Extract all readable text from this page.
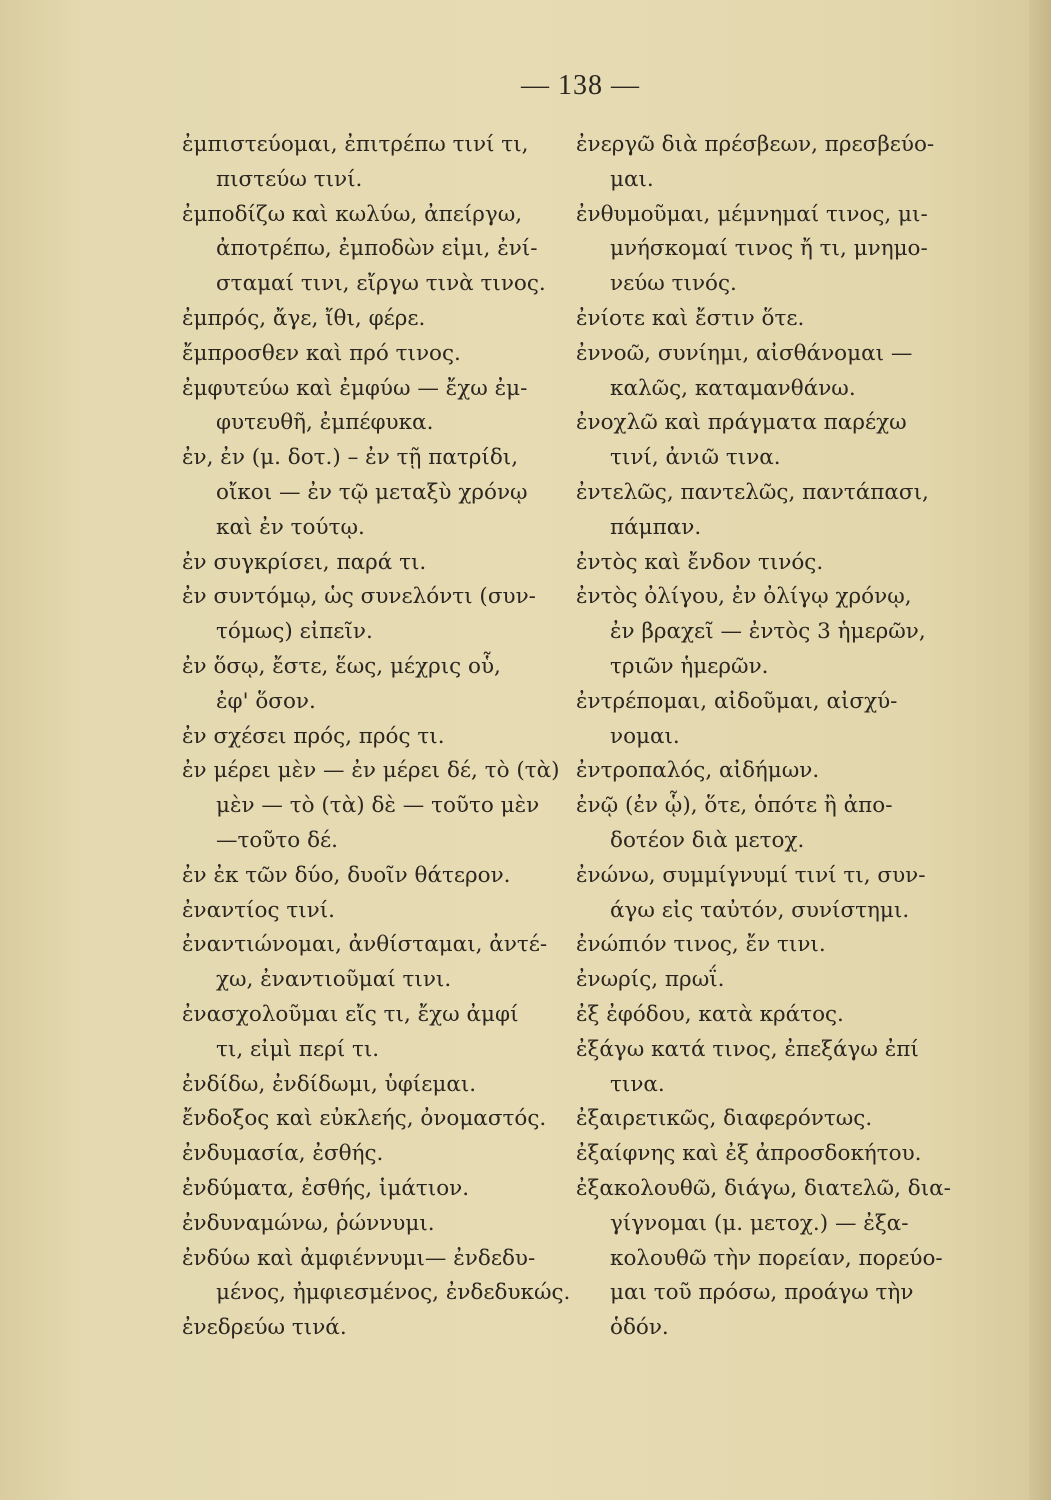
— 138 —
ἐμπιστεύομαι, ἐπιτρέπω τινί τι,
πιστεύω τινί.
ἐμποδίζω καὶ κωλύω, ἀπείργω,
ἀποτρέπω, ἐμποδὼν εἰμι, ἐνί-
σταμαί τινι, εἴργω τινὰ τινος.
ἐμπρός, ἄγε, ἴθι, φέρε.
ἔμπροσθεν καὶ πρό τινος.
ἐμφυτεύω καὶ ἐμφύω — ἔχω ἐμ-
φυτευθῆ, ἐμπέφυκα.
ἐν, ἐν (μ. δοτ.) – ἐν τῇ πατρίδι,
οἴκοι — ἐν τῷ μεταξὺ χρόνῳ
καὶ ἐν τούτῳ.
ἐν συγκρίσει, παρά τι.
ἐν συντόμῳ, ὡς συνελόντι (συν-
τόμως) εἰπεῖν.
ἐν ὅσῳ, ἔστε, ἕως, μέχρις οὗ,
ἐφ' ὅσον.
ἐν σχέσει πρός, πρός τι.
ἐν μέρει μὲν — ἐν μέρει δέ, τὸ (τὰ)
μὲν — τὸ (τὰ) δὲ — τοῦτο μὲν
—τοῦτο δέ.
ἐν ἐκ τῶν δύο, δυοῖν θάτερον.
ἐναντίος τινί.
ἐναντιώνομαι, ἀνθίσταμαι, ἀντέ-
χω, ἐναντιοῦμαί τινι.
ἐνασχολοῦμαι εἴς τι, ἔχω ἀμφί
τι, εἰμὶ περί τι.
ἐνδίδω, ἐνδίδωμι, ὑφίεμαι.
ἔνδοξος καὶ εὐκλεής, ὀνομαστός.
ἐνδυμασία, ἐσθής.
ἐνδύματα, ἐσθής, ἱμάτιον.
ἐνδυναμώνω, ῥώννυμι.
ἐνδύω καὶ ἀμφιέννυμι— ἐνδεδυ-
μένος, ἠμφιεσμένος, ἐνδεδυκώς.
ἐνεδρεύω τινά.
ἐνεργῶ διὰ πρέσβεων, πρεσβεύο-
μαι.
ἐνθυμοῦμαι, μέμνημαί τινος, μι-
μνήσκομαί τινος ἤ τι, μνημο-
νεύω τινός.
ἐνίοτε καὶ ἔστιν ὅτε.
ἐννοῶ, συνίημι, αἰσθάνομαι —
καλῶς, καταμανθάνω.
ἐνοχλῶ καὶ πράγματα παρέχω
τινί, ἀνιῶ τινα.
ἐντελῶς, παντελῶς, παντάπασι,
πάμπαν.
ἐντὸς καὶ ἔνδον τινός.
ἐντὸς ὀλίγου, ἐν ὀλίγῳ χρόνῳ,
ἐν βραχεῖ — ἐντὸς 3 ἡμερῶν,
τριῶν ἡμερῶν.
ἐντρέπομαι, αἰδοῦμαι, αἰσχύ-
νομαι.
ἐντροπαλός, αἰδήμων.
ἐνῷ (ἐν ᾧ), ὅτε, ὁπότε ἢ ἀπο-
δοτέον διὰ μετοχ.
ἐνώνω, συμμίγνυμί τινί τι, συν-
άγω εἰς ταὐτόν, συνίστημι.
ἐνώπιόν τινος, ἔν τινι.
ἐνωρίς, πρωΐ.
ἐξ ἐφόδου, κατὰ κράτος.
ἐξάγω κατά τινος, ἐπεξάγω ἐπί
τινα.
ἐξαιρετικῶς, διαφερόντως.
ἐξαίφνης καὶ ἐξ ἀπροσδοκήτου.
ἐξακολουθῶ, διάγω, διατελῶ, δια-
γίγνομαι (μ. μετοχ.) — ἐξα-
κολουθῶ τὴν πορείαν, πορεύο-
μαι τοῦ πρόσω, προάγω τὴν
ὁδόν.
